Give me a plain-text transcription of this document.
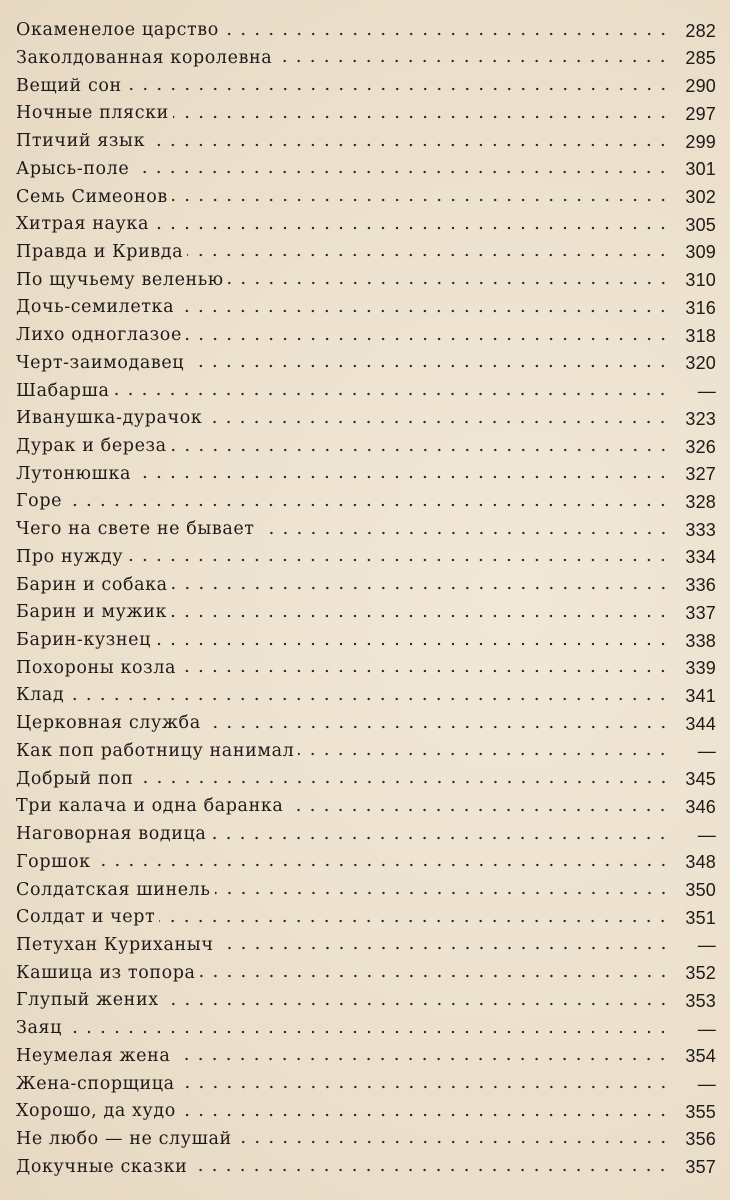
Окаменелое царство	282
Заколдованная королевна	285
Вещий сон	290
Ночные пляски	297
Птичий язык	299
Арысь-поле	301
Семь Симеонов	302
Хитрая наука	305
Правда и Кривда	309
По щучьему веленью	310
Дочь-семилетка	316
Лихо одноглазое	318
Черт-заимодавец	320
Шабарша	—
Иванушка-дурачок	323
Дурак и береза	326
Лутонюшка	327
Горе	328
Чего на свете не бывает	333
Про нужду	334
Барин и собака	336
Барин и мужик	337
Барин-кузнец	338
Похороны козла	339
Клад	341
Церковная служба	344
Как поп работницу нанимал	—
Добрый поп	345
Три калача и одна баранка	346
Наговорная водица	—
Горшок	348
Солдатская шинель	350
Солдат и черт	351
Петухан Куриханыч	—
Кашица из топора	352
Глупый жених	353
Заяц	—
Неумелая жена	354
Жена-спорщица	—
Хорошо, да худо	355
Не любо — не слушай	356
Докучные сказки	357
